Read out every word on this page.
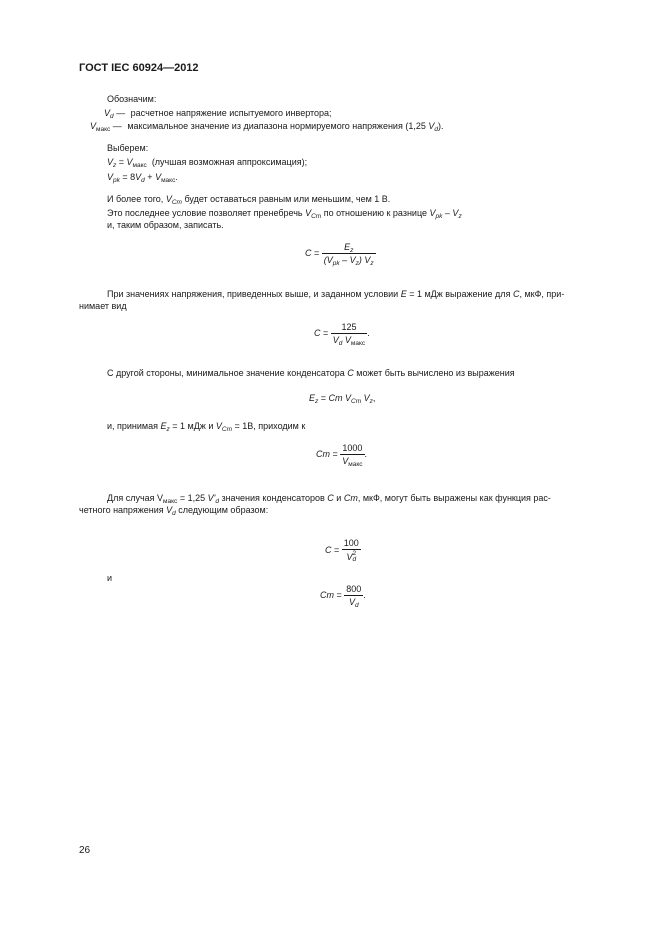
ГОСТ IEC 60924—2012
Обозначим:
$V_d$ — расчетное напряжение испытуемого инвертора;
$V_{макс}$ — максимальное значение из диапазона нормируемого напряжения (1,25 $V_d$).
Выберем:
$V_z = V_{макс}$  (лучшая возможная аппроксимация);
$V_{pk} = 8V_d + V_{макс}$.
И более того, $V_{Cm}$ будет оставаться равным или меньшим, чем 1 В.
Это последнее условие позволяет пренебречь $V_{Cm}$ по отношению к разнице $V_{pk} - V_z$
и, таким образом, записать.
$C = \frac{E_z}{(V_{pk} - V_z) V_z}$
При значениях напряжения, приведенных выше, и заданном условии E = 1 мДж выражение для C, мкФ, при-
нимает вид
$C = \frac{125}{V_d V_{макс}}$ .
С другой стороны, минимальное значение конденсатора C может быть вычислено из выражения
$E_z = Cm$ $V_{Cm}$ $V_z$,
и, принимая $E_z = 1$ мДж и $V_{Cm} = 1В$, приходим к
$Cm = \frac{1000}{V_{макс}}$ .
Для случая $V_{макс} = 1,25$ $V'_d$ значения конденсаторов C и Cm, мкФ, могут быть выражены как функция рас-
четного напряжения $V_d$ следующим образом:
C = 100
V 2
d
и
$Cm = \frac{800}{V_d}$ .
26
